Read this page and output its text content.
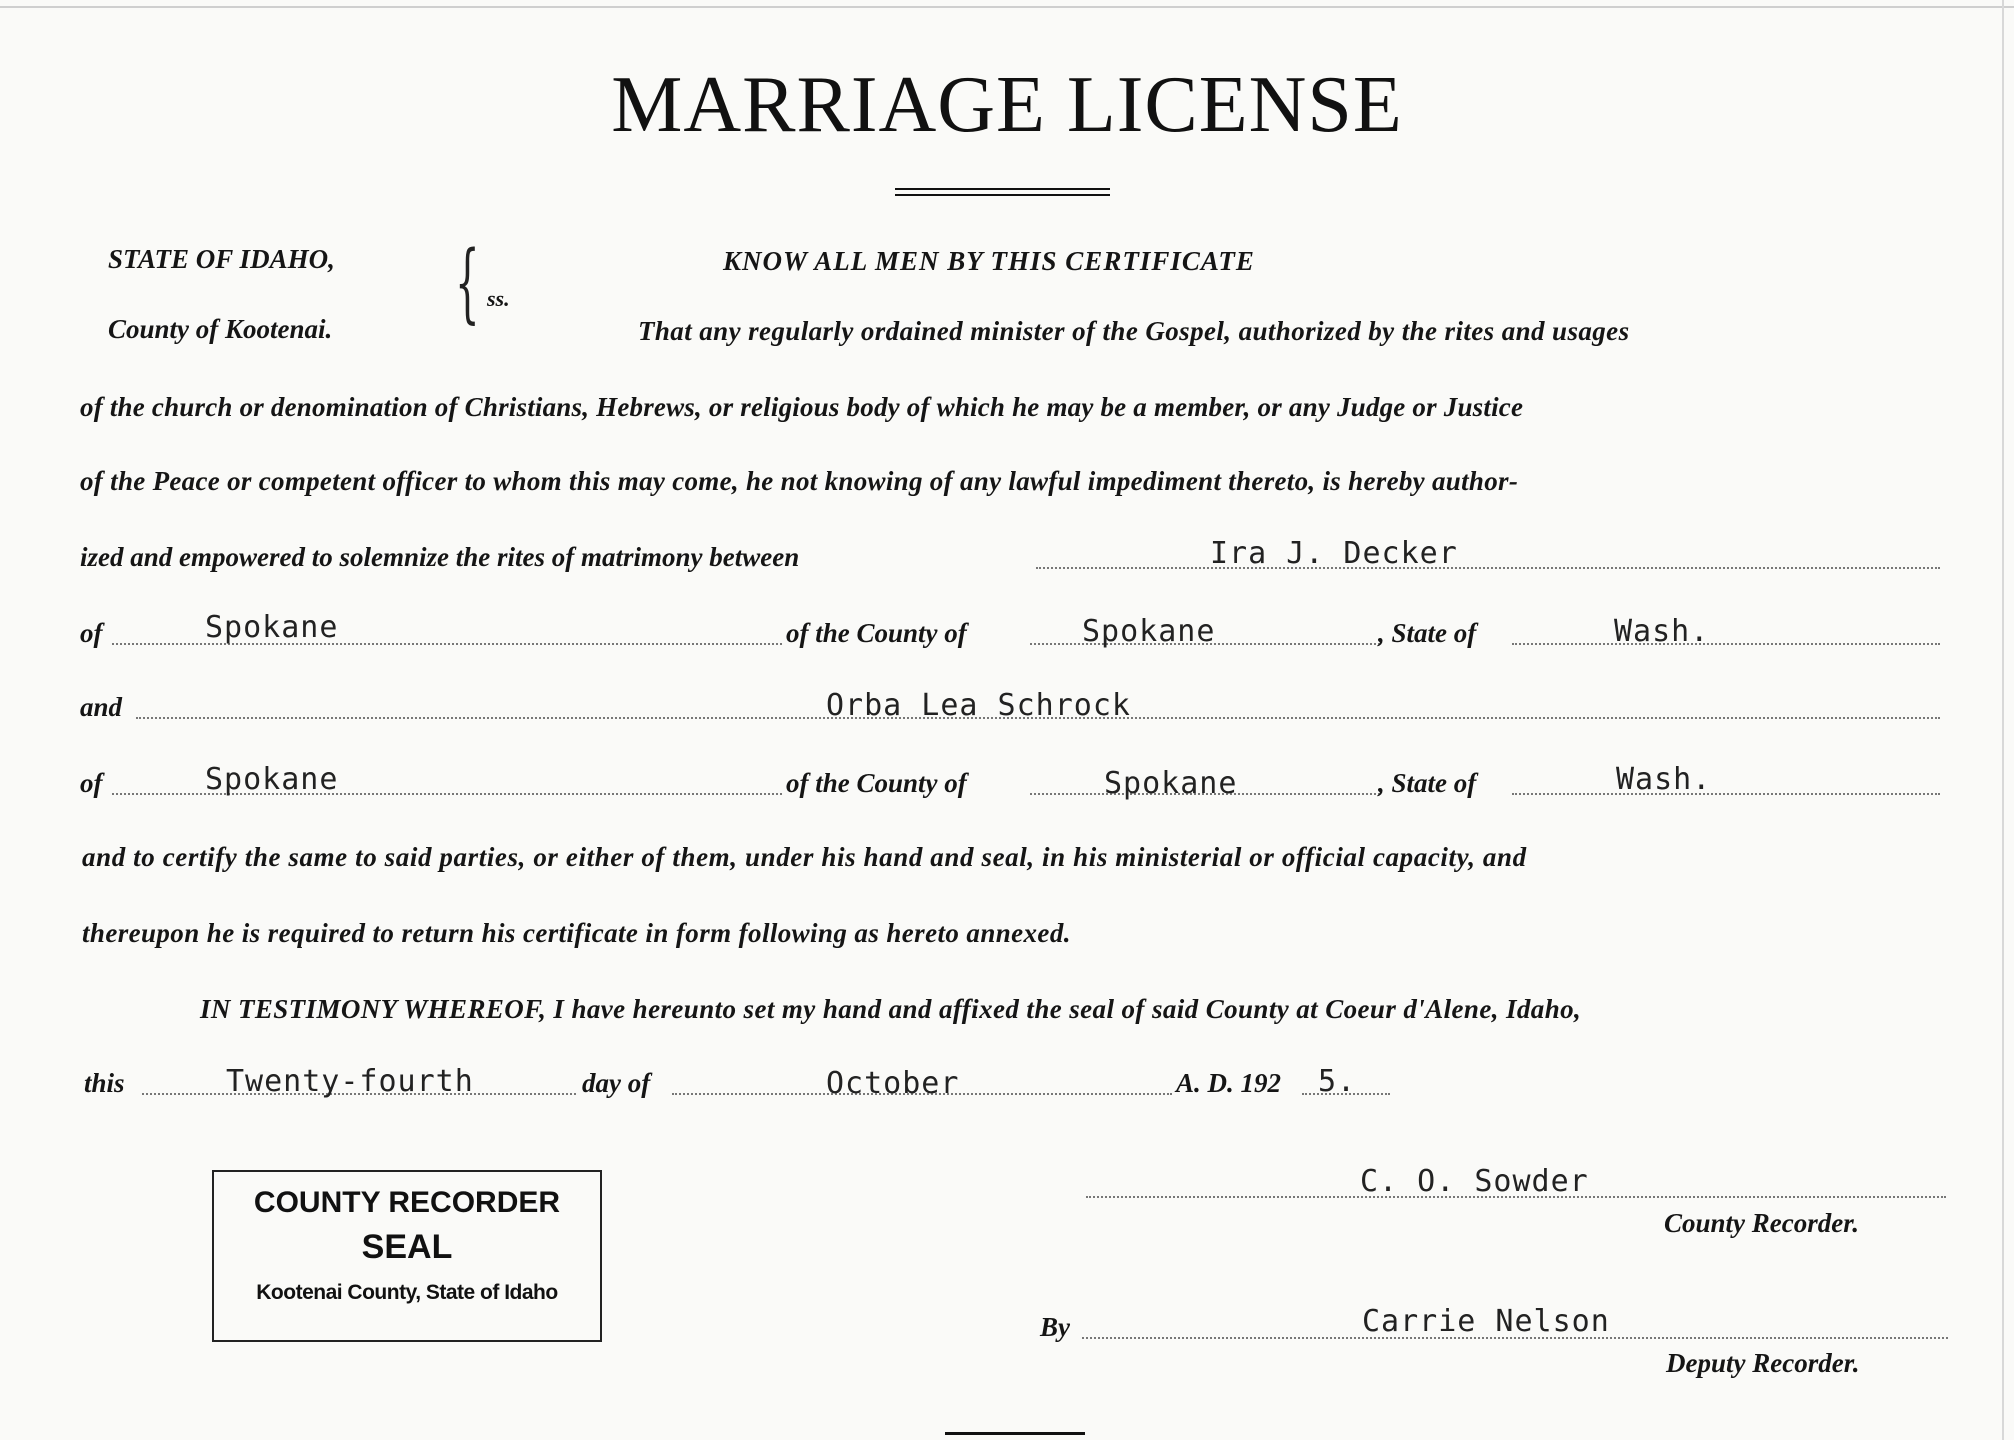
MARRIAGE LICENSE
STATE OF IDAHO,
County of Kootenai. { ss.
KNOW ALL MEN BY THIS CERTIFICATE
That any regularly ordained minister of the Gospel, authorized by the rites and usages
of the church or denomination of Christians, Hebrews, or religious body of which he may be a member, or any Judge or Justice
of the Peace or competent officer to whom this may come, he not knowing of any lawful impediment thereto, is hereby author-
ized and empowered to solemnize the rites of matrimony between	Ira J. Decker
of	Spokane	of the County of	Spokane	, State of	Wash.
and	Orba Lea Schrock
of	Spokane	of the County of	Spokane	, State of	Wash.
and to certify the same to said parties, or either of them, under his hand and seal, in his ministerial or official capacity, and
thereupon he is required to return his certificate in form following as hereto annexed.
IN TESTIMONY WHEREOF, I have hereunto set my hand and affixed the seal of said County at Coeur d'Alene, Idaho,
this	Twenty-fourth	day of	October	A. D. 192 5.
C. O. Sowder
County Recorder.
By	Carrie Nelson
Deputy Recorder.
COUNTY RECORDER
SEAL
Kootenai County, State of Idaho
